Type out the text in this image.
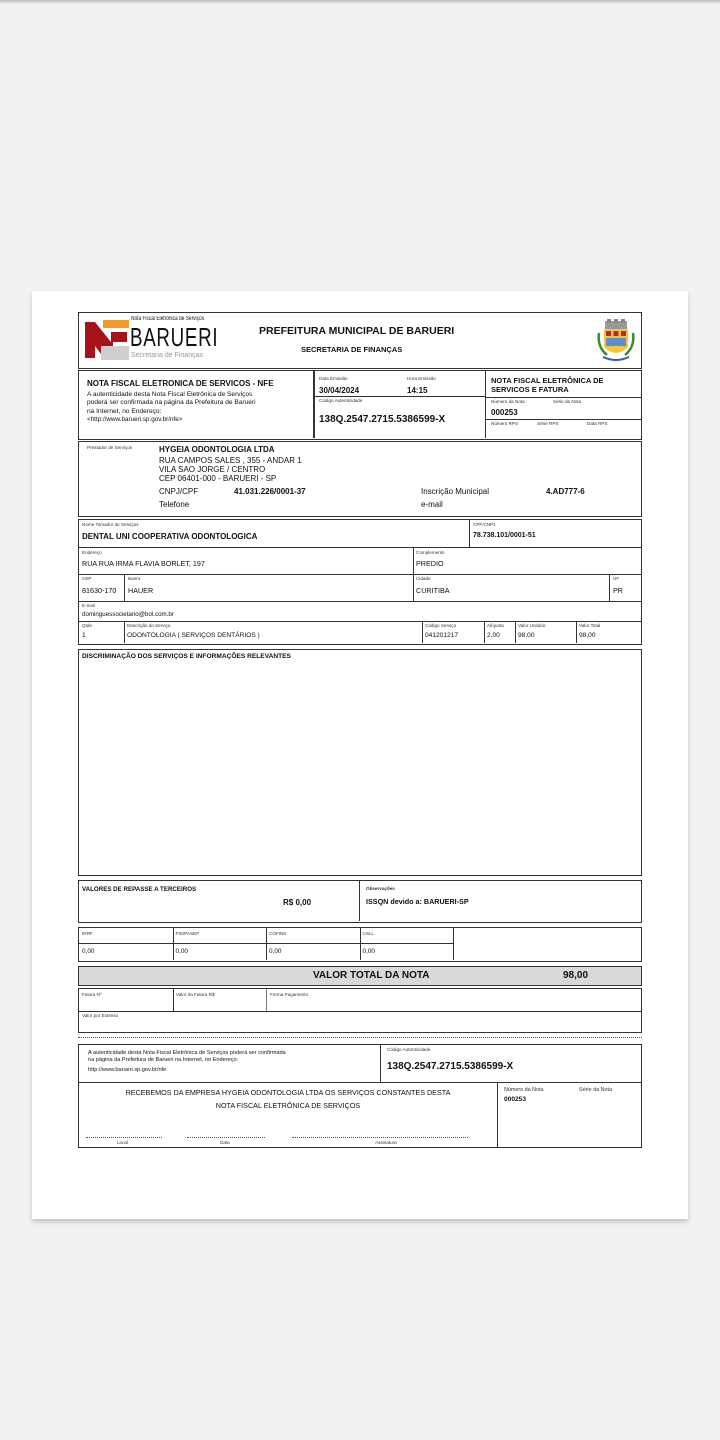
Nota Fiscal Eletrônica de Serviços
BARUERI
Secretaria de Finanças
PREFEITURA MUNICIPAL DE BARUERI
SECRETARIA DE FINANÇAS
NOTA FISCAL ELETRONICA DE SERVICOS - NFE
A autenticidade desta Nota Fiscal Eletrônica de Serviços
poderá ser confirmada na página da Prefeitura de Barueri
na Internet, no Endereço:
<http://www.barueri.sp.gov.br/nfe>
Data Emissão
30/04/2024
Hora Emissão
14:15
Código Autenticidade
138Q.2547.2715.5386599-X
NOTA FISCAL ELETRÔNICA DE
SERVICOS E FATURA
Número da Nota	Série da Nota
000253
Número RPS	Série RPS	Data RPS
Prestador de Serviços	HYGEIA ODONTOLOGIA LTDA
RUA CAMPOS SALES , 355 - ANDAR 1
VILA SAO JORGE / CENTRO
CEP 06401-000 - BARUERI - SP
CNPJ/CPF	41.031.226/0001-37	Inscrição Municipal	4.AD777-6
Telefone	e-mail
Nome Tomador de Serviços
DENTAL UNI COOPERATIVA ODONTOLOGICA
CPF/CNPJ
78.738.101/0001-51
Endereço
RUA RUA IRMA FLAVIA BORLET, 197
Complemento
PREDIO
CEP
81630-170
Bairro
HAUER
Cidade
CURITIBA
UF
PR
E-mail
dominguessocietario@bol.com.br
Qtde	Descrição do Serviço	Código Serviço	Alíquota	Valor Unitário	Valor Total
1	ODONTOLOGIA ( SERVIÇOS DENTÁRIOS )	041201217	2,00	98,00	98,00
DISCRIMINAÇÃO DOS SERVIÇOS E INFORMAÇÕES RELEVANTES
VALORES DE REPASSE A TERCEIROS
R$ 0,00
Observações
ISSQN devido a: BARUERI-SP
IRRF
0,00
PIS/PASEP
0,00
COFINS
0,00
CSLL
0,00
VALOR TOTAL DA NOTA	98,00
Fatura Nº	Valor da Fatura R$	Forma Pagamento
Valor por Extenso
A autenticidade desta Nota Fiscal Eletrônica de Serviços poderá ser confirmada
na página da Prefeitura de Barueri na Internet, no Endereço:
http://www.barueri.sp.gov.br/nfe
Código Autenticidade
138Q.2547.2715.5386599-X
RECEBEMOS DA EMPRESA HYGEIA ODONTOLOGIA LTDA OS SERVIÇOS CONSTANTES DESTA
NOTA FISCAL ELETRÔNICA DE SERVIÇOS
Número da Nota	Série da Nota
000253
Local	Data	Assinatura
